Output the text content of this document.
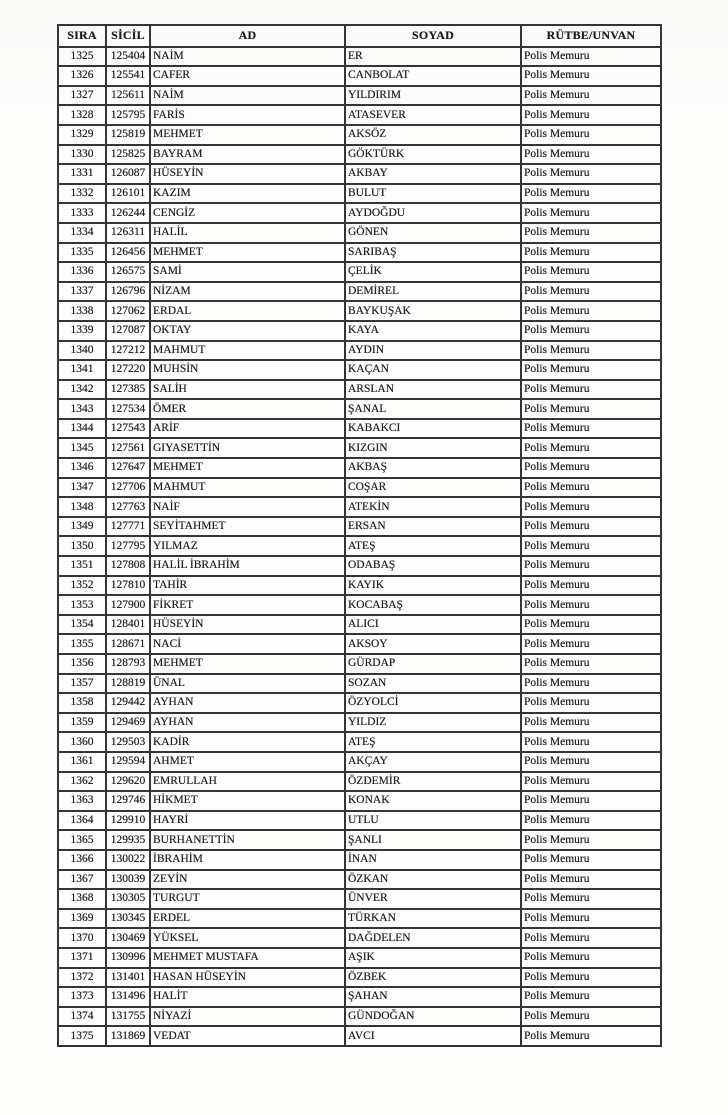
SIRA	SİCİL	AD	SOYAD	RÜTBE/UNVAN
1325	125404	NAİM	ER	Polis Memuru
1326	125541	CAFER	CANBOLAT	Polis Memuru
1327	125611	NAİM	YILDIRIM	Polis Memuru
1328	125795	FARİS	ATASEVER	Polis Memuru
1329	125819	MEHMET	AKSÖZ	Polis Memuru
1330	125825	BAYRAM	GÖKTÜRK	Polis Memuru
1331	126087	HÜSEYİN	AKBAY	Polis Memuru
1332	126101	KAZIM	BULUT	Polis Memuru
1333	126244	CENGİZ	AYDOĞDU	Polis Memuru
1334	126311	HALİL	GÖNEN	Polis Memuru
1335	126456	MEHMET	SARIBAŞ	Polis Memuru
1336	126575	SAMİ	ÇELİK	Polis Memuru
1337	126796	NİZAM	DEMİREL	Polis Memuru
1338	127062	ERDAL	BAYKUŞAK	Polis Memuru
1339	127087	OKTAY	KAYA	Polis Memuru
1340	127212	MAHMUT	AYDIN	Polis Memuru
1341	127220	MUHSİN	KAÇAN	Polis Memuru
1342	127385	SALİH	ARSLAN	Polis Memuru
1343	127534	ÖMER	ŞANAL	Polis Memuru
1344	127543	ARİF	KABAKCI	Polis Memuru
1345	127561	GIYASETTİN	KIZGIN	Polis Memuru
1346	127647	MEHMET	AKBAŞ	Polis Memuru
1347	127706	MAHMUT	COŞAR	Polis Memuru
1348	127763	NAİF	ATEKİN	Polis Memuru
1349	127771	SEYİTAHMET	ERSAN	Polis Memuru
1350	127795	YILMAZ	ATEŞ	Polis Memuru
1351	127808	HALİL İBRAHİM	ODABAŞ	Polis Memuru
1352	127810	TAHİR	KAYIK	Polis Memuru
1353	127900	FİKRET	KOCABAŞ	Polis Memuru
1354	128401	HÜSEYİN	ALICI	Polis Memuru
1355	128671	NACİ	AKSOY	Polis Memuru
1356	128793	MEHMET	GÜRDAP	Polis Memuru
1357	128819	ÜNAL	SOZAN	Polis Memuru
1358	129442	AYHAN	ÖZYOLCİ	Polis Memuru
1359	129469	AYHAN	YILDIZ	Polis Memuru
1360	129503	KADİR	ATEŞ	Polis Memuru
1361	129594	AHMET	AKÇAY	Polis Memuru
1362	129620	EMRULLAH	ÖZDEMİR	Polis Memuru
1363	129746	HİKMET	KONAK	Polis Memuru
1364	129910	HAYRİ	UTLU	Polis Memuru
1365	129935	BURHANETTİN	ŞANLI	Polis Memuru
1366	130022	İBRAHİM	İNAN	Polis Memuru
1367	130039	ZEYİN	ÖZKAN	Polis Memuru
1368	130305	TURGUT	ÜNVER	Polis Memuru
1369	130345	ERDEL	TÜRKAN	Polis Memuru
1370	130469	YÜKSEL	DAĞDELEN	Polis Memuru
1371	130996	MEHMET MUSTAFA	AŞIK	Polis Memuru
1372	131401	HASAN HÜSEYİN	ÖZBEK	Polis Memuru
1373	131496	HALİT	ŞAHAN	Polis Memuru
1374	131755	NİYAZİ	GÜNDOĞAN	Polis Memuru
1375	131869	VEDAT	AVCI	Polis Memuru
